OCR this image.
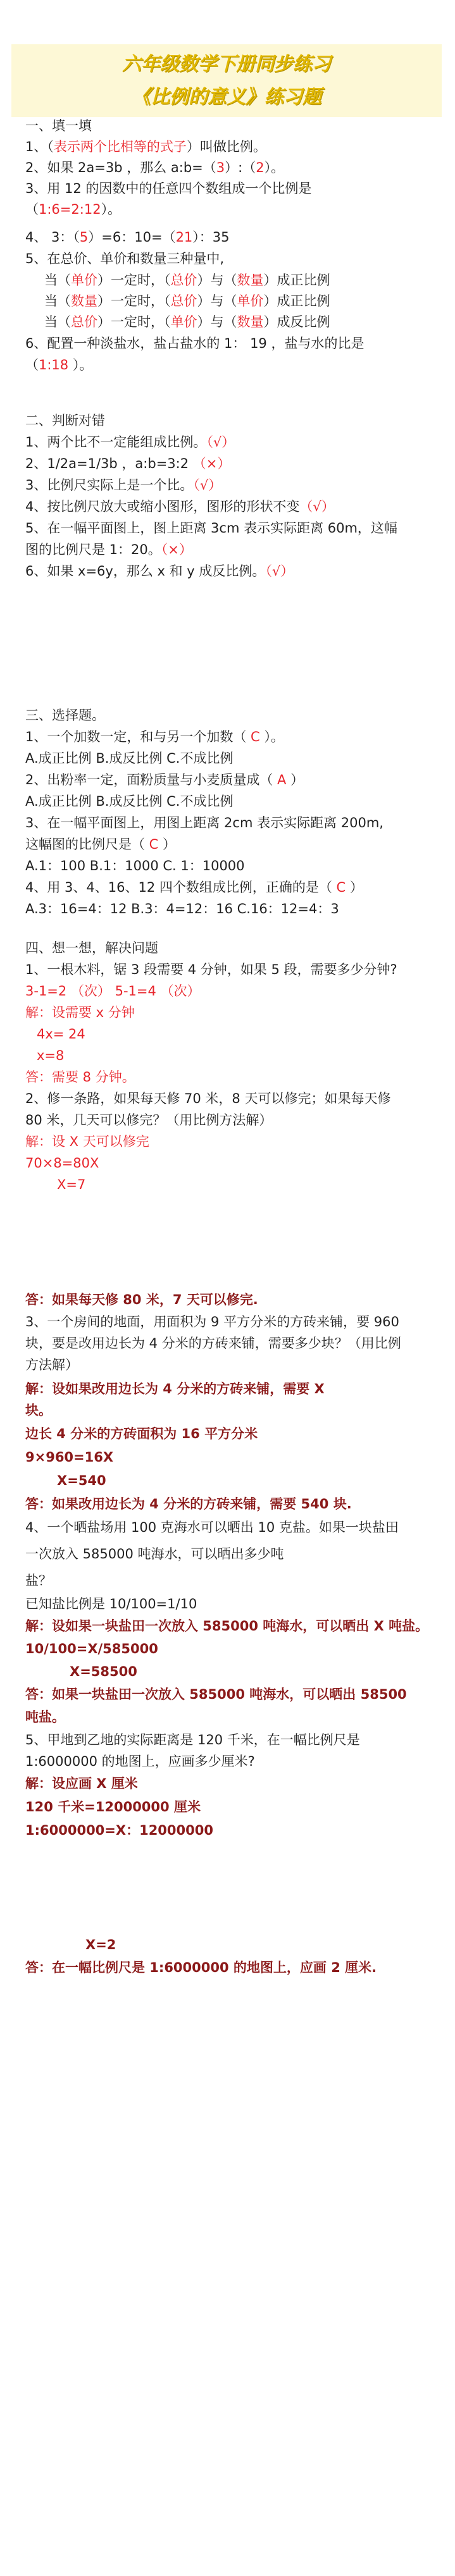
六年级数学下册同步练习
《比例的意义》练习题
一、填一填
1、（表示两个比相等的式子）叫做比例。
2、如果 2a=3b ，那么 a:b=（3）:（2）。
3、用 12 的因数中的任意四个数组成一个比例是
（1:6=2:12）。
4、 3：（5）=6：10=（21）：35
5、在总价、单价和数量三种量中,
当（单价）一定时，（总价）与（数量）成正比例
当（数量）一定时，（总价）与（单价）成正比例
当（总价）一定时，（单价）与（数量）成反比例
6、配置一种淡盐水，盐占盐水的 1： 19 ，盐与水的比是
（1:18 ）。
二、判断对错
1、两个比不一定能组成比例。（√）
2、1/2a=1/3b ，a:b=3:2 （×）
3、比例尺实际上是一个比。（√）
4、按比例尺放大或缩小图形，图形的形状不变（√）
5、在一幅平面图上，图上距离 3cm 表示实际距离 60m，这幅
图的比例尺是 1：20。（×）
6、如果 x=6y，那么 x 和 y 成反比例。（√）
三、选择题。
1、一个加数一定，和与另一个加数（ C ）。
A.成正比例 B.成反比例 C.不成比例
2、出粉率一定，面粉质量与小麦质量成（ A ）
A.成正比例 B.成反比例 C.不成比例
3、在一幅平面图上，用图上距离 2cm 表示实际距离 200m,
这幅图的比例尺是（ C ）
A.1：100 B.1：1000 C. 1：10000
4、用 3、4、16、12 四个数组成比例，正确的是（ C ）
A.3：16=4：12 B.3：4=12：16 C.16：12=4：3
四、想一想，解决问题
1、一根木料，锯 3 段需要 4 分钟，如果 5 段，需要多少分钟?
3-1=2 （次） 5-1=4 （次）
解：设需要 x 分钟
4x= 24
x=8
答：需要 8 分钟。
2、修一条路，如果每天修 70 米，8 天可以修完；如果每天修
80 米，几天可以修完？（用比例方法解）
解：设 X 天可以修完
70×8=80X
X=7
答：如果每天修 80 米，7 天可以修完.
3、一个房间的地面，用面积为 9 平方分米的方砖来铺，要 960
块，要是改用边长为 4 分米的方砖来铺，需要多少块？（用比例
方法解）
解：设如果改用边长为 4 分米的方砖来铺，需要 X
块。
边长 4 分米的方砖面积为 16 平方分米
9×960=16X
X=540
答：如果改用边长为 4 分米的方砖来铺，需要 540 块.
4、一个晒盐场用 100 克海水可以晒出 10 克盐。如果一块盐田
一次放入 585000 吨海水，可以晒出多少吨
盐？
已知盐比例是 10/100=1/10
解：设如果一块盐田一次放入 585000 吨海水，可以晒出 X 吨盐。
10/100=X/585000
X=58500
答：如果一块盐田一次放入 585000 吨海水，可以晒出 58500
吨盐。
5、甲地到乙地的实际距离是 120 千米，在一幅比例尺是
1:6000000 的地图上，应画多少厘米?
解：设应画 X 厘米
120 千米=12000000 厘米
1:6000000=X：12000000
X=2
答：在一幅比例尺是 1:6000000 的地图上，应画 2 厘米.
